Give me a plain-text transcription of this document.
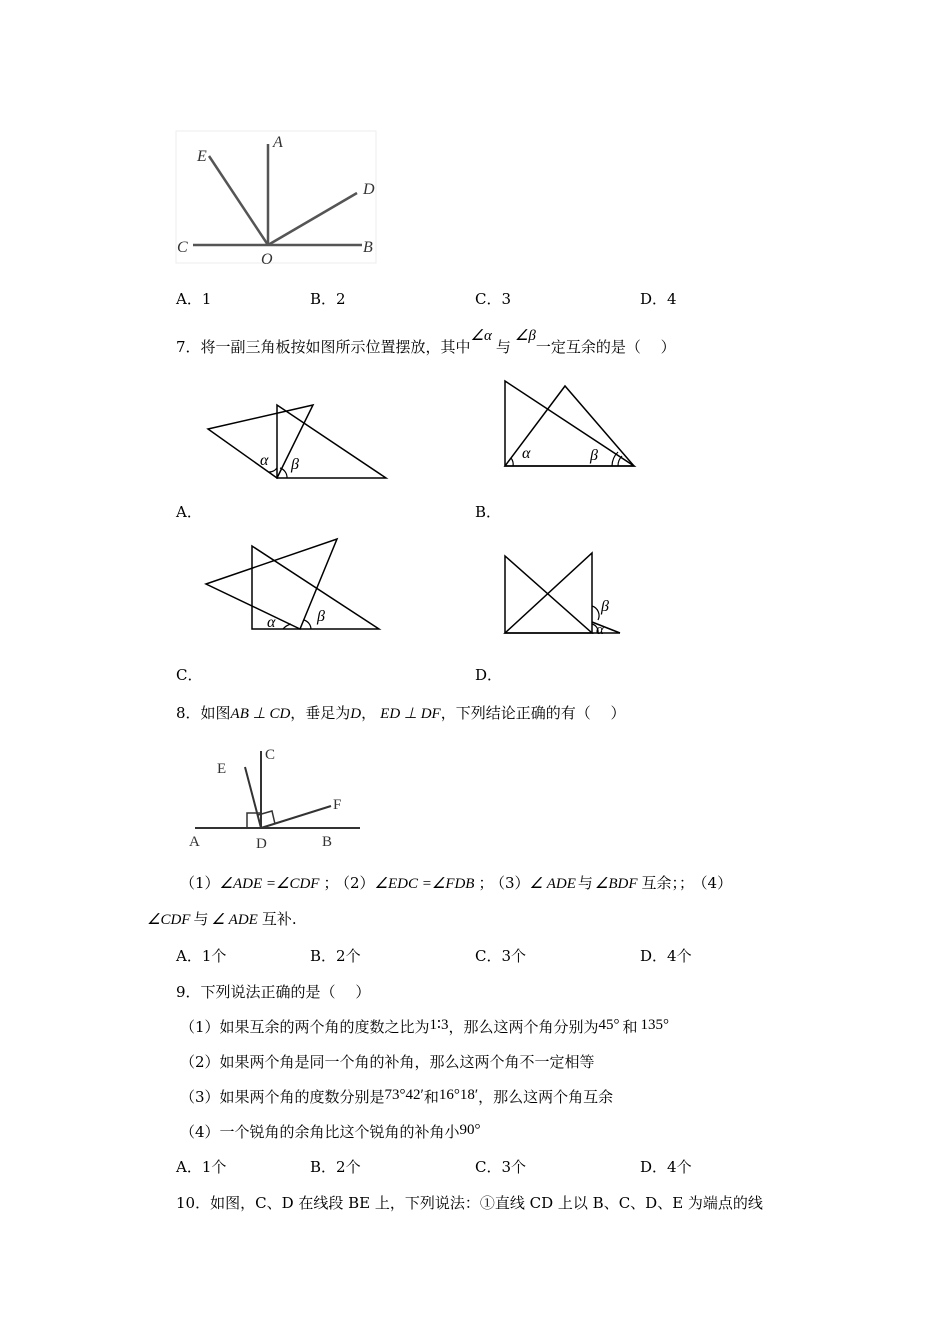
E
A
D
C
O
B
A．1	B．2	C．3	D．4
7．将一副三角板按如图所示位置摆放，其中∠α与∠β一定互余的是（　 ）
α β
A．
α	β
B．
α	β
C．
β
α
D．
8．如图AB ⊥ CD，垂足为D， ED ⊥ DF，下列结论正确的有（　 ）
E
C
F
A	D	B
（1）∠ADE =∠CDF ； （2）∠EDC =∠FDB ； （3）∠ ADE 与 ∠BDF 互余；； （4）
∠CDF 与 ∠ ADE 互补.
A．1个	B．2个	C．3个	D．4个
9．下列说法正确的是（　 ）
（1）如果互余的两个角的度数之比为1∶3，那么这两个角分别为45° 和 135°
（2）如果两个角是同一个角的补角，那么这两个角不一定相等
（3）如果两个角的度数分别是73°42′和16°18′，那么这两个角互余
（4）一个锐角的余角比这个锐角的补角小90°
A．1个	B．2个	C．3个	D．4个
10．如图，C、D 在线段 BE 上，下列说法：①直线 CD 上以 B、C、D、E 为端点的线
